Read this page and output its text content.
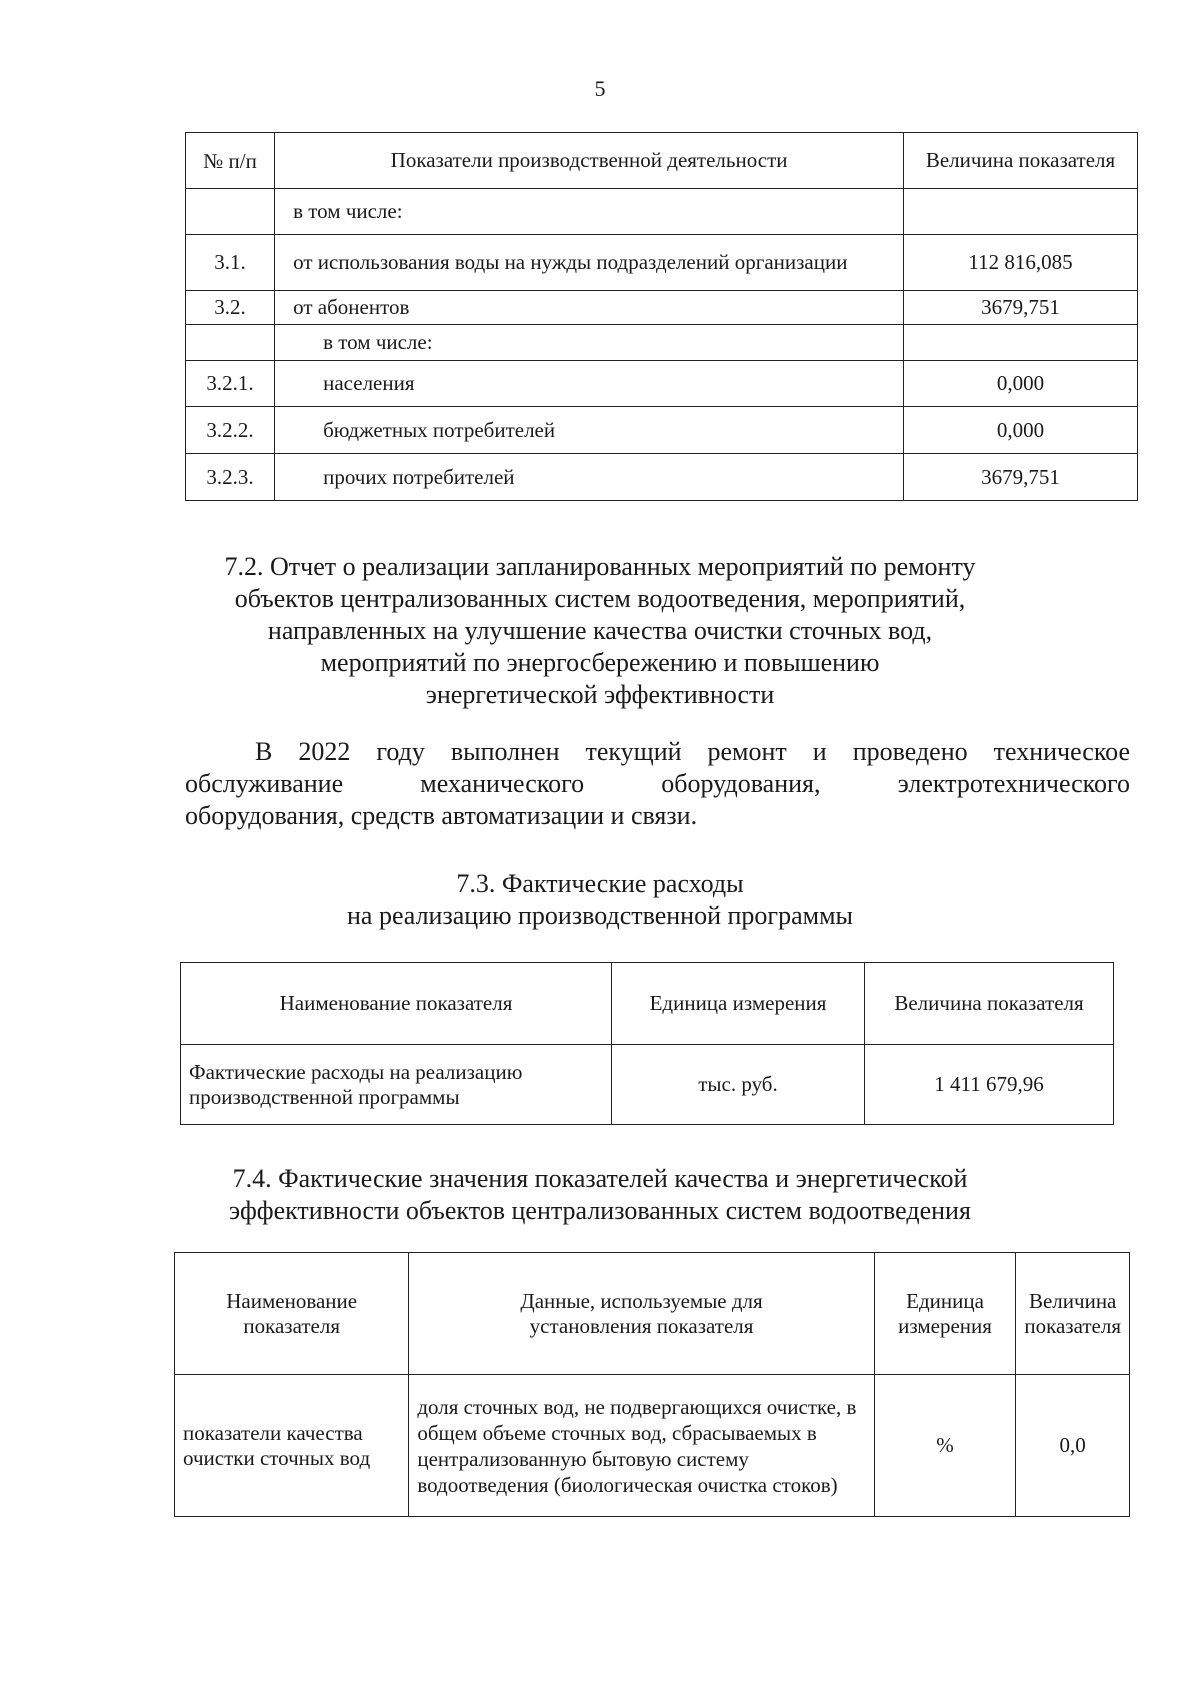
5
№ п/п	Показатели производственной деятельности	Величина показателя
	в том числе:	
3.1.	от использования воды на нужды подразделений организации	112 816,085
3.2.	от абонентов	3679,751
	в том числе:	
3.2.1.	населения	0,000
3.2.2.	бюджетных потребителей	0,000
3.2.3.	прочих потребителей	3679,751
7.2. Отчет о реализации запланированных мероприятий по ремонту
объектов централизованных систем водоотведения, мероприятий,
направленных на улучшение качества очистки сточных вод,
мероприятий по энергосбережению и повышению
энергетической эффективности
В 2022 году выполнен текущий ремонт и проведено техническое
обслуживание механического оборудования, электротехнического
оборудования, средств автоматизации и связи.
7.3. Фактические расходы
на реализацию производственной программы
Наименование показателя	Единица измерения	Величина показателя
Фактические расходы на реализацию производственной программы	тыс. руб.	1 411 679,96
7.4. Фактические значения показателей качества и энергетической
эффективности объектов централизованных систем водоотведения
Наименование показателя	Данные, используемые для установления показателя	Единица измерения	Величина показателя
показатели качества очистки сточных вод	доля сточных вод, не подвергающихся очистке, в общем объеме сточных вод, сбрасываемых в централизованную бытовую систему водоотведения (биологическая очистка стоков)	%	0,0
